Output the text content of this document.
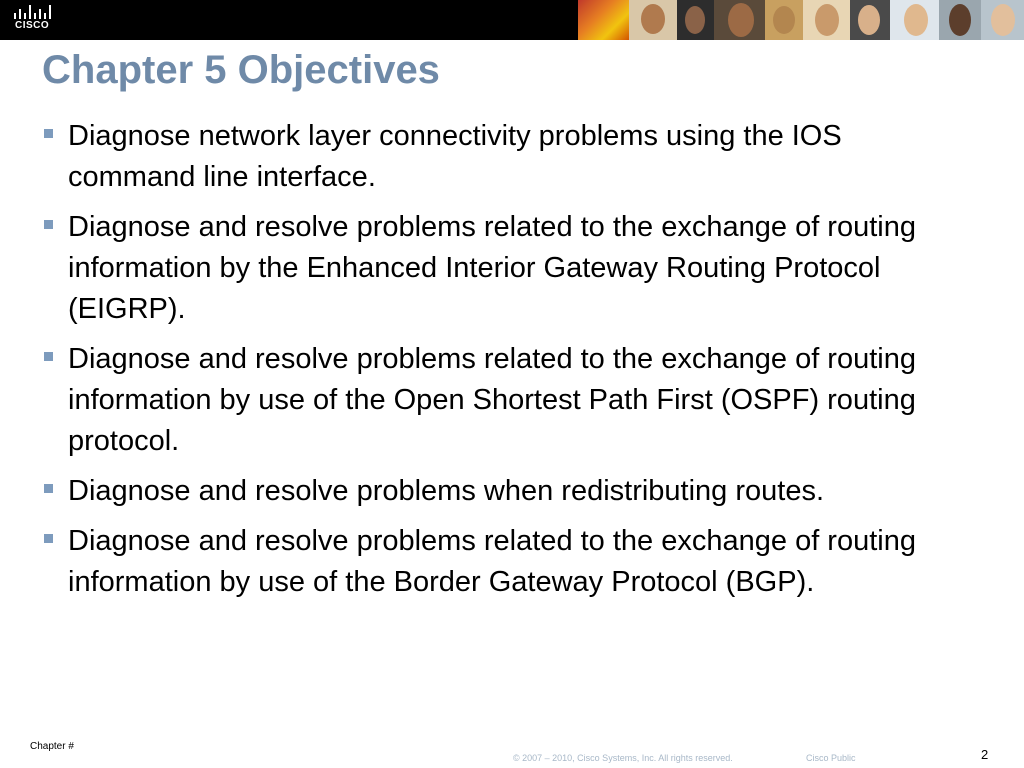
CISCO
Chapter 5 Objectives
Diagnose network layer connectivity problems using the IOS command line interface.
Diagnose and resolve problems related to the exchange of routing information by the Enhanced Interior Gateway Routing Protocol (EIGRP).
Diagnose and resolve problems related to the exchange of routing information by use of the Open Shortest Path First (OSPF) routing protocol.
Diagnose and resolve problems when redistributing routes.
Diagnose and resolve problems related to the exchange of routing information by use of the Border Gateway Protocol (BGP).
Chapter #
© 2007 – 2010, Cisco Systems, Inc. All rights reserved.	Cisco Public	2
